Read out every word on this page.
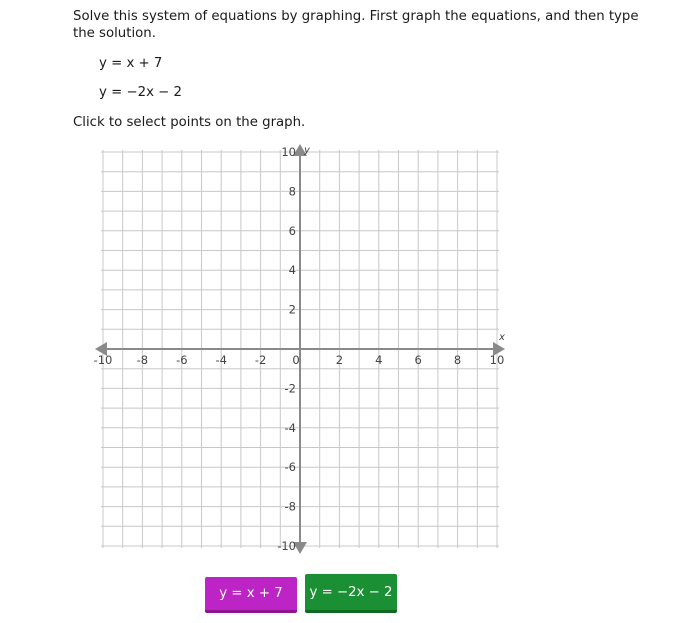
Solve this system of equations by graphing. First graph the equations, and then type the solution.

y = x + 7
y = −2x − 2
Click to select points on the graph.
-10 -8 -6 -4 -2 0	2	4	6	8 10
10
8
6
4
2
-2
-4
-6
-8
-10
x
y
y = x + 7	y = −2x − 2
